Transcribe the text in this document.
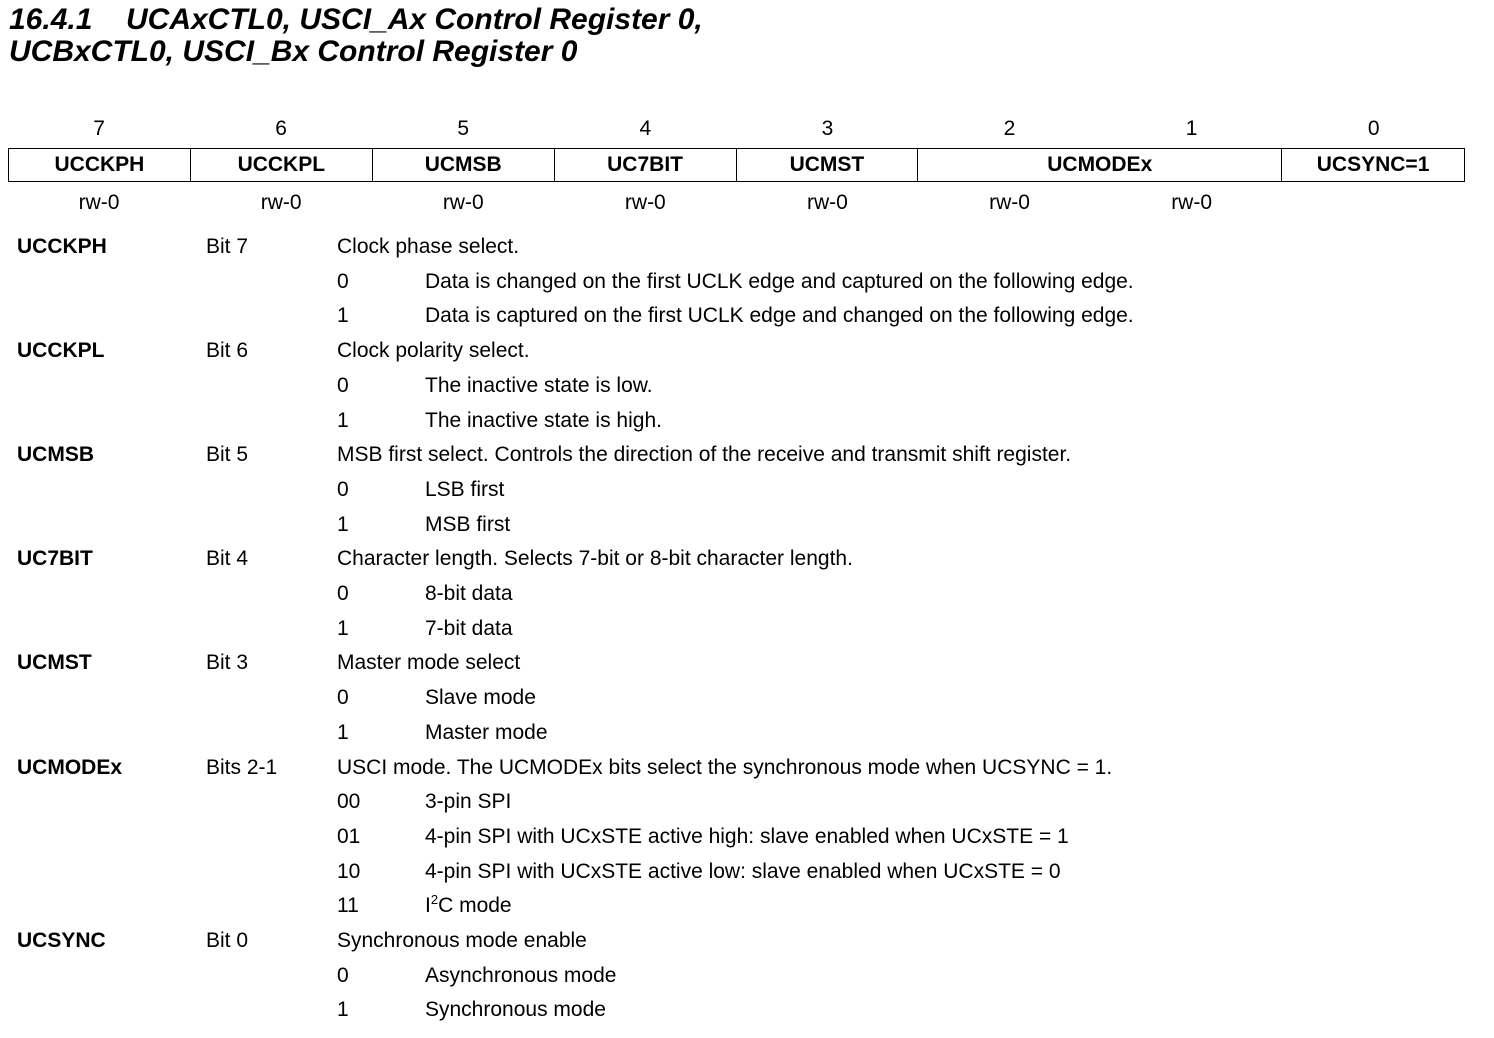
16.4.1 UCAxCTL0, USCI_Ax Control Register 0,
UCBxCTL0, USCI_Bx Control Register 0
7	6	5	4	3	2	1	0
UCCKPH	UCCKPL	UCMSB	UC7BIT	UCMST	UCMODEx	UCSYNC=1
rw-0	rw-0	rw-0	rw-0	rw-0	rw-0	rw-0
UCCKPH	Bit 7	Clock phase select.
0	Data is changed on the first UCLK edge and captured on the following edge.
1	Data is captured on the first UCLK edge and changed on the following edge.
UCCKPL	Bit 6	Clock polarity select.
0	The inactive state is low.
1	The inactive state is high.
UCMSB	Bit 5	MSB first select. Controls the direction of the receive and transmit shift register.
0	LSB first
1	MSB first
UC7BIT	Bit 4	Character length. Selects 7-bit or 8-bit character length.
0	8-bit data
1	7-bit data
UCMST	Bit 3	Master mode select
0	Slave mode
1	Master mode
UCMODEx	Bits 2-1	USCI mode. The UCMODEx bits select the synchronous mode when UCSYNC = 1.
00	3-pin SPI
01	4-pin SPI with UCxSTE active high: slave enabled when UCxSTE = 1
10	4-pin SPI with UCxSTE active low: slave enabled when UCxSTE = 0
11	$I^2C$ mode
UCSYNC	Bit 0	Synchronous mode enable
0	Asynchronous mode
1	Synchronous mode
